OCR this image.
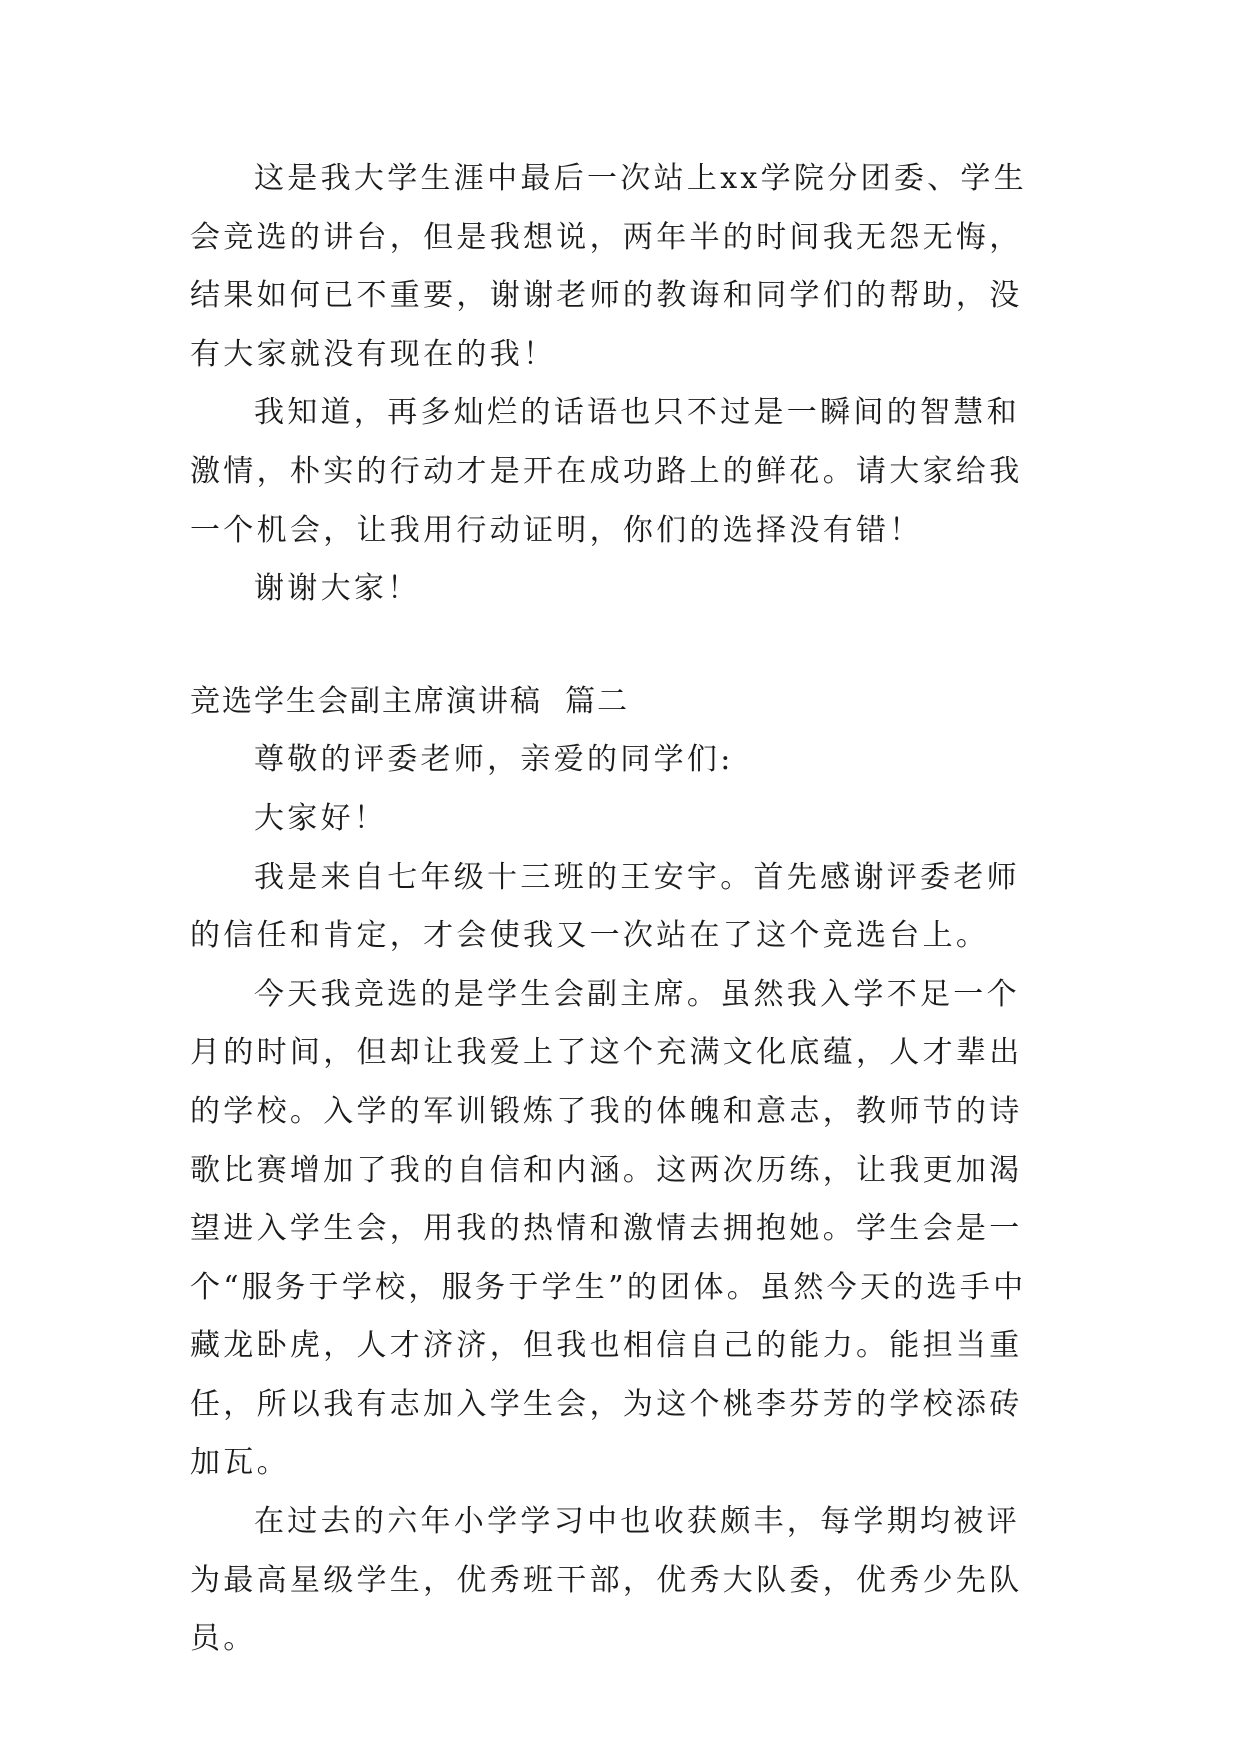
这是我大学生涯中最后一次站上xx学院分团委、学生会竞选的讲台，但是我想说，两年半的时间我无怨无悔，结果如何已不重要，谢谢老师的教诲和同学们的帮助，没有大家就没有现在的我！

我知道，再多灿烂的话语也只不过是一瞬间的智慧和激情，朴实的行动才是开在成功路上的鲜花。请大家给我一个机会，让我用行动证明，你们的选择没有错！

谢谢大家！

竞选学生会副主席演讲稿  篇二

尊敬的评委老师，亲爱的同学们:

大家好！

我是来自七年级十三班的王安宇。首先感谢评委老师的信任和肯定，才会使我又一次站在了这个竞选台上。

今天我竞选的是学生会副主席。虽然我入学不足一个月的时间，但却让我爱上了这个充满文化底蕴，人才辈出的学校。入学的军训锻炼了我的体魄和意志，教师节的诗歌比赛增加了我的自信和内涵。这两次历练，让我更加渴望进入学生会，用我的热情和激情去拥抱她。学生会是一个“服务于学校，服务于学生”的团体。虽然今天的选手中藏龙卧虎，人才济济，但我也相信自己的能力。能担当重任，所以我有志加入学生会，为这个桃李芬芳的学校添砖加瓦。

在过去的六年小学学习中也收获颇丰，每学期均被评为最高星级学生，优秀班干部，优秀大队委，优秀少先队员。
